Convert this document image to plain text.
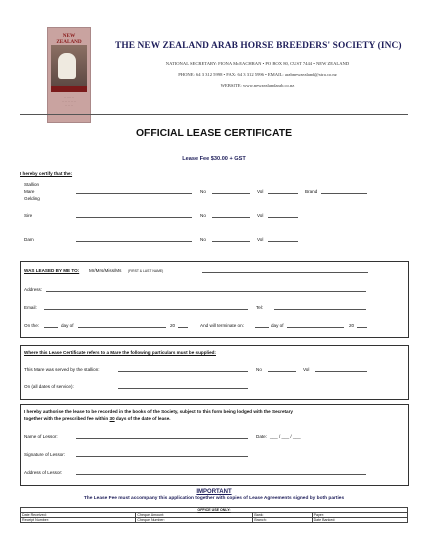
NEW ZEALAND
·· ·· ·· ··
·· ·· ·· ·· ··
·· ·· ··
THE NEW ZEALAND ARAB HORSE BREEDERS' SOCIETY (INC)
NATIONAL SECRETARY: FIONA McEACHRAN • PO BOX 80, CUST 7444 • NEW ZEALAND
PHONE: 64 3 312 5998 • FAX: 64 3 312 5996 • EMAIL: arabnewzealand@xtra.co.nz
WEBSITE: www.newzealandarab.co.nz
OFFICIAL LEASE CERTIFICATE
Lease Fee $30.00 + GST
I hereby certify that the:
Stallion
Mare
Gelding
No	Vol	Brand
Sire	No	Vol
Dam	No	Vol
WAS LEASED BY ME TO: Mr/Mrs/Miss/Ms (FIRST & LAST NAME)
Address:
Email:	Tel:
On the:	day of	20	And will terminate on:	day of	20
Where this Lease Certificate refers to a Mare the following particulars must be supplied:
This Mare was served by the stallion:	No	Vol
On (all dates of service):
I hereby authorise the lease to be recorded in the books of the Society, subject to this form being lodged with the Secretary
together with the prescribed fee within 30 days of the date of lease.
Name of Lessor:	Date: ___ / ___ / ___
Signature of Lessor:
Address of Lessor:
IMPORTANT
The Lease Fee must accompany this application together with copies of Lease Agreements signed by both parties
OFFICE USE ONLY:			
Date Received:	Cheque Amount:	Bank:	Payer:
Receipt Number:	Cheque Number:	Branch:	Date Banked:
